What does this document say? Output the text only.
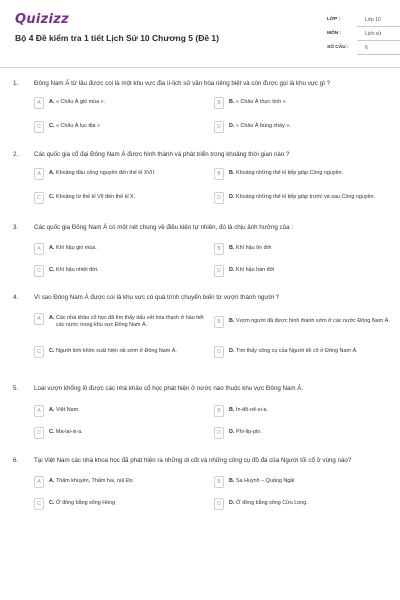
Quizizz
Bộ 4 Đề kiểm tra 1 tiết Lịch Sử 10 Chương 5 (Đề 1)
LỚP :	Lớp 10
MÔN :	Lịch sử
SỐ CÂU :	6
1.	Đông Nam Á từ lâu được coi là một khu vực địa lí-lịch sử văn hóa riêng biệt và còn được gọi là khu vực gì ?
A	A. « Châu Á gió mùa ».	B	B. « Châu Á thực tính »
C	C. « Châu Á lục địa »	D	D. « Châu Á bùng cháy ».
2.	Các quốc gia cổ đại Đông Nam Á được hình thành và phát triển trong khoảng thời gian nào ?
A	A. Khoảng đầu công nguyên đến thế kỉ XVII.	B	B. Khoảng những thế kỉ tiếp giáp Công nguyên.
C	C. Khoảng từ thế kỉ VII đến thế kỉ X.	D	D. Khoảng những thế kỉ tiếp giáp trước và sau Công nguyên.
3.	Các quốc gia Đông Nam Á có một nét chung về điều kiện tự nhiên, đó là chịu ảnh hưởng của :
A	A. Khí hậu gió mùa.	B	B. Khí hậu ôn đới
C	C. Khí hậu nhiệt đới.	D	D. Khí hậu hàn đới
4.	Vì sao Đông Nam Á được coi là khu vực có quá trình chuyển biến từ vượn thành người ?
A	A. Các nhà khảo cổ học đã tìm thấy dấu vết hóa thạch ở hầu hết các nước trong khu vực Đông Nam Á.	B	B. Vượn người đã được hình thành sớm ở các nước Đông Nam Á.
C	C. Người tinh khôn xuất hiện rất sớm ở Đông Nam Á.	D	D. Tìm thấy công cụ của Người tối cổ ở Đông Nam Á.
5.	Loài vượn khổng lồ được các nhà khảo cổ học phát hiện ở nước nào thuộc khu vực Đông Nam Á.
A	A. Việt Nam.	B	B. In-đô-nê-xi-a.
C	C. Ma-lai-xi-a.	D	D. Phi-líp-pin.
6.	Tại Việt Nam các nhà khoa học đã phát hiện ra những di cốt và những công cụ đồ đá của Người tối cổ ở vùng nào?
A	A. Thẩm khuyên, Thẩm hai, núi Đọ	B	B. Sa Huỳnh – Quảng Ngãi
C	C. Ở đồng bằng sông Hồng	D	D. Ở đồng bằng sông Cửu Long.
